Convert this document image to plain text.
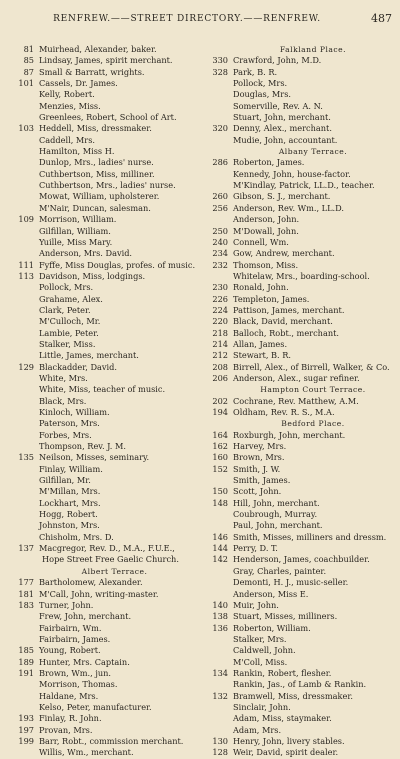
RENFREW.——STREET DIRECTORY.——RENFREW.	487
81 Muirhead, Alexander, baker.
85 Lindsay, James, spirit merchant.
87 Small & Barratt, wrights.
101 Cassels, Dr. James.
Kelly, Robert.
Menzies, Miss.
Greenlees, Robert, School of Art.
103 Heddell, Miss, dressmaker.
Caddell, Mrs.
Hamilton, Miss H.
Dunlop, Mrs., ladies' nurse.
Cuthbertson, Miss, milliner.
Cuthbertson, Mrs., ladies' nurse.
Mowat, William, upholsterer.
M'Nair, Duncan, salesman.
109 Morrison, William.
Gilfillan, William.
Yuille, Miss Mary.
Anderson, Mrs. David.
111 Fyffe, Miss Douglas, profes. of music.
113 Davidson, Miss, lodgings.
Pollock, Mrs.
Grahame, Alex.
Clark, Peter.
M'Culloch, Mr.
Lambie, Peter.
Stalker, Miss.
Little, James, merchant.
129 Blackadder, David.
White, Mrs.
White, Miss, teacher of music.
Black, Mrs.
Kinloch, William.
Paterson, Mrs.
Forbes, Mrs.
Thompson, Rev. J. M.
135 Neilson, Misses, seminary.
Finlay, William.
Gilfillan, Mr.
M'Millan, Mrs.
Lockhart, Mrs.
Hogg, Robert.
Johnston, Mrs.
Chisholm, Mrs. D.
137 Macgregor, Rev. D., M.A., F.U.E.,
Hope Street Free Gaelic Church.
Albert Terrace.
177 Bartholomew, Alexander.
181 M'Call, John, writing-master.
183 Turner, John.
Frew, John, merchant.
Fairbairn, Wm.
Fairbairn, James.
185 Young, Robert.
189 Hunter, Mrs. Captain.
191 Brown, Wm., jun.
Morrison, Thomas.
Haldane, Mrs.
Kelso, Peter, manufacturer.
193 Finlay, R. John.
197 Provan, Mrs.
199 Barr, Robt., commission merchant.
Willis, Wm., merchant.
Falkland Place.
330 Crawford, John, M.D.
328 Park, B. R.
Pollock, Mrs.
Douglas, Mrs.
Somerville, Rev. A. N.
Stuart, John, merchant.
320 Denny, Alex., merchant.
Mudie, John, accountant.
Albany Terrace.
286 Roberton, James.
Kennedy, John, house-factor.
M'Kindlay, Patrick, LL.D., teacher.
260 Gibson, S. J., merchant.
256 Anderson, Rev. Wm., LL.D.
Anderson, John.
250 M'Dowall, John.
240 Connell, Wm.
234 Gow, Andrew, merchant.
232 Thomson, Miss.
Whitelaw, Mrs., boarding-school.
230 Ronald, John.
226 Templeton, James.
224 Pattison, James, merchant.
220 Black, David, merchant.
218 Balloch, Robt., merchant.
214 Allan, James.
212 Stewart, B. R.
208 Birrell, Alex., of Birrell, Walker, & Co.
206 Anderson, Alex., sugar refiner.
Hampton Court Terrace.
202 Cochrane, Rev. Matthew, A.M.
194 Oldham, Rev. R. S., M.A.
Bedford Place.
164 Roxburgh, John, merchant.
162 Harvey, Mrs.
160 Brown, Mrs.
152 Smith, J. W.
Smith, James.
150 Scott, John.
148 Hill, John, merchant.
Coubrough, Murray.
Paul, John, merchant.
146 Smith, Misses, milliners and dressm.
144 Perry, D. T.
142 Henderson, James, coachbuilder.
Gray, Charles, painter.
Demonti, H. J., music-seller.
Anderson, Miss E.
140 Muir, John.
138 Stuart, Misses, milliners.
136 Roberton, William.
Stalker, Mrs.
Caldwell, John.
M'Coll, Miss.
134 Rankin, Robert, flesher.
Rankin, Jas., of Lamb & Rankin.
132 Bramwell, Miss, dressmaker.
Sinclair, John.
Adam, Miss, staymaker.
Adam, Mrs.
130 Henry, John, livery stables.
128 Weir, David, spirit dealer.
